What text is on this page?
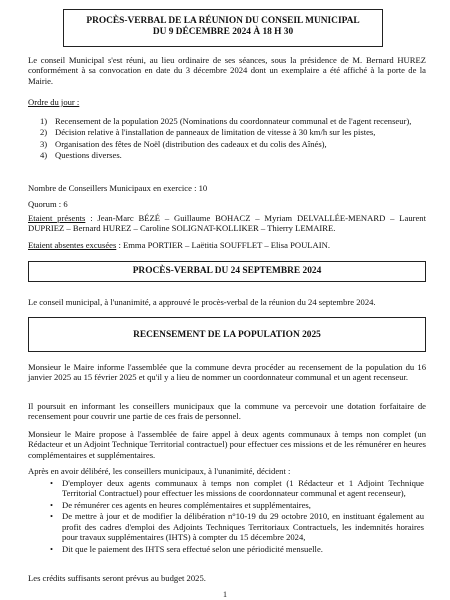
PROCÈS-VERBAL DE LA RÉUNION DU CONSEIL MUNICIPAL
DU 9 DÉCEMBRE 2024 À 18 H 30
Le conseil Municipal s'est réuni, au lieu ordinaire de ses séances, sous la présidence de M. Bernard HUREZ conformément à sa convocation en date du 3 décembre 2024 dont un exemplaire a été affiché à la porte de la Mairie.
Ordre du jour :
1) Recensement de la population 2025 (Nominations du coordonnateur communal et de l'agent recenseur),
2) Décision relative à l'installation de panneaux de limitation de vitesse à 30 km/h sur les pistes,
3) Organisation des fêtes de Noël (distribution des cadeaux et du colis des Aînés),
4) Questions diverses.
Nombre de Conseillers Municipaux en exercice : 10
Quorum : 6
Etaient présents : Jean-Marc BÉZÉ – Guillaume BOHACZ – Myriam DELVALLÉE-MENARD – Laurent DUPRIEZ – Bernard HUREZ – Caroline SOLIGNAT-KOLLIKER – Thierry LEMAIRE.
Etaient absentes excusées : Emma PORTIER – Laëtitia SOUFFLET – Elisa POULAIN.
PROCÈS-VERBAL DU 24 SEPTEMBRE 2024
Le conseil municipal, à l'unanimité, a approuvé le procès-verbal de la réunion du 24 septembre 2024.
RECENSEMENT DE LA POPULATION 2025
Monsieur le Maire informe l'assemblée que la commune devra procéder au recensement de la population du 16 janvier 2025 au 15 février 2025 et qu'il y a lieu de nommer un coordonnateur communal et un agent recenseur.
Il poursuit en informant les conseillers municipaux que la commune va percevoir une dotation forfaitaire de recensement pour couvrir une partie de ces frais de personnel.
Monsieur le Maire propose à l'assemblée de faire appel à deux agents communaux à temps non complet (un Rédacteur et un Adjoint Technique Territorial contractuel) pour effectuer ces missions et de les rémunérer en heures complémentaires et supplémentaires.
Après en avoir délibéré, les conseillers municipaux, à l'unanimité, décident :
• D'employer deux agents communaux à temps non complet (1 Rédacteur et 1 Adjoint Technique Territorial Contractuel) pour effectuer les missions de coordonnateur communal et agent recenseur),
• De rémunérer ces agents en heures complémentaires et supplémentaires,
• De mettre à jour et de modifier la délibération n°10-19 du 29 octobre 2010, en instituant également au profit des cadres d'emploi des Adjoints Techniques Territoriaux Contractuels, les indemnités horaires pour travaux supplémentaires (IHTS) à compter du 15 décembre 2024,
• Dit que le paiement des IHTS sera effectué selon une périodicité mensuelle.
Les crédits suffisants seront prévus au budget 2025.
1
